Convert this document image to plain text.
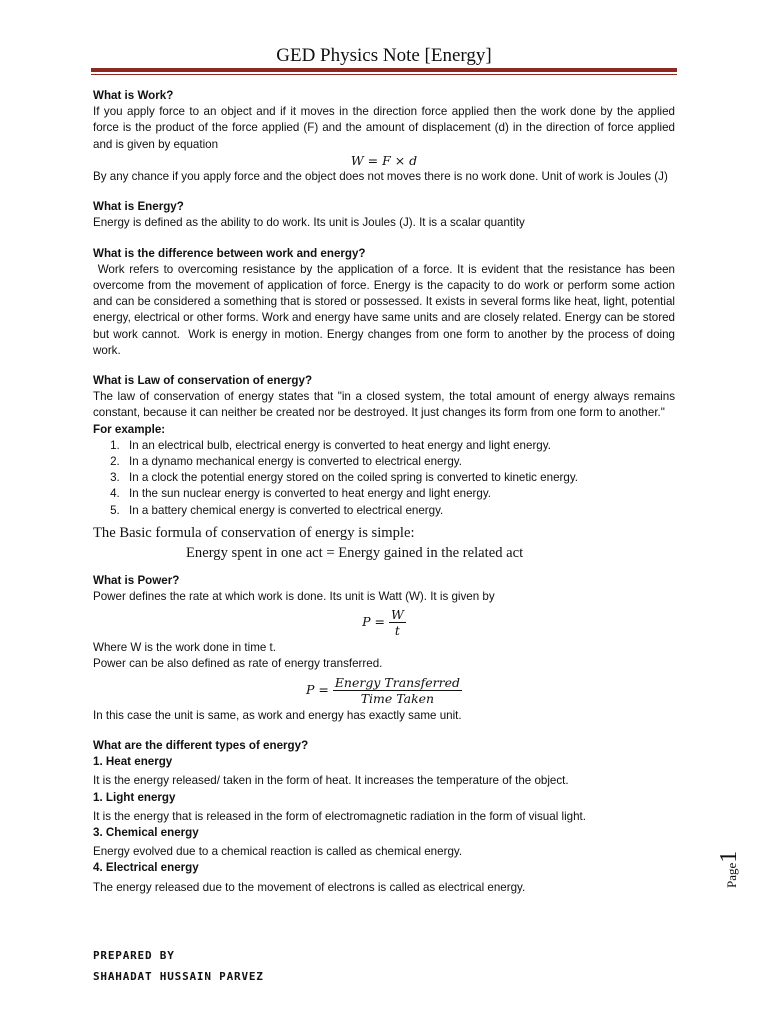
GED Physics Note [Energy]

What is Work?

If you apply force to an object and if it moves in the direction force applied then the work done by the applied force is the product of the force applied (F) and the amount of displacement (d) in the direction of force applied and is given by equation

W = F × d

By any chance if you apply force and the object does not moves there is no work done. Unit of work is Joules (J)

What is Energy?

Energy is defined as the ability to do work. Its unit is Joules (J). It is a scalar quantity

What is the difference between work and energy?

Work refers to overcoming resistance by the application of a force. It is evident that the resistance has been overcome from the movement of application of force. Energy is the capacity to do work or perform some action and can be considered a something that is stored or possessed. It exists in several forms like heat, light, potential energy, electrical or other forms. Work and energy have same units and are closely related. Energy can be stored but work cannot.  Work is energy in motion. Energy changes from one form to another by the process of doing work.

What is Law of conservation of energy?

The law of conservation of energy states that "in a closed system, the total amount of energy always remains constant, because it can neither be created nor be destroyed. It just changes its form from one form to another."

For example:

1. In an electrical bulb, electrical energy is converted to heat energy and light energy.
2. In a dynamo mechanical energy is converted to electrical energy.
3. In a clock the potential energy stored on the coiled spring is converted to kinetic energy.
4. In the sun nuclear energy is converted to heat energy and light energy.
5. In a battery chemical energy is converted to electrical energy.

The Basic formula of conservation of energy is simple:

Energy spent in one act = Energy gained in the related act

What is Power?

Power defines the rate at which work is done. Its unit is Watt (W). It is given by

$P = \frac{W}{t}$

Where W is the work done in time t.

Power can be also defined as rate of energy transferred.

$P = \frac{\text{Energy Transferred}}{\text{Time Taken}}$

In this case the unit is same, as work and energy has exactly same unit.

What are the different types of energy?

1. Heat energy

It is the energy released/ taken in the form of heat. It increases the temperature of the object.

1. Light energy

It is the energy that is released in the form of electromagnetic radiation in the form of visual light.

3. Chemical energy

Energy evolved due to a chemical reaction is called as chemical energy.

4. Electrical energy

The energy released due to the movement of electrons is called as electrical energy.

PREPARED BY
SHAHADAT HUSSAIN PARVEZ
Page1
